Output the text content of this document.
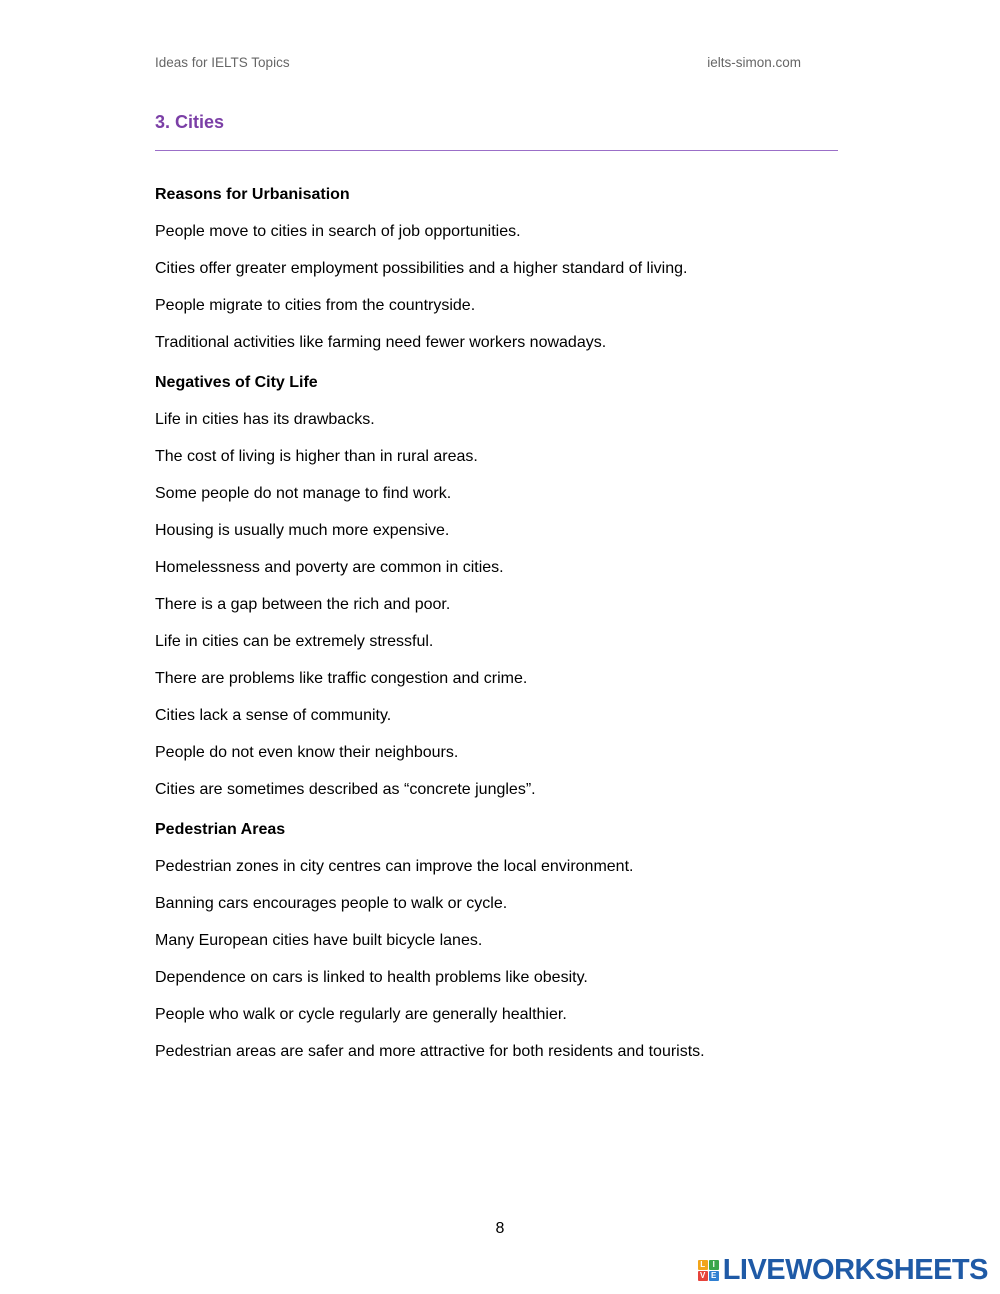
Ideas for IELTS Topics	ielts-simon.com
3. Cities
Reasons for Urbanisation
People move to cities in search of job opportunities.
Cities offer greater employment possibilities and a higher standard of living.
People migrate to cities from the countryside.
Traditional activities like farming need fewer workers nowadays.
Negatives of City Life
Life in cities has its drawbacks.
The cost of living is higher than in rural areas.
Some people do not manage to find work.
Housing is usually much more expensive.
Homelessness and poverty are common in cities.
There is a gap between the rich and poor.
Life in cities can be extremely stressful.
There are problems like traffic congestion and crime.
Cities lack a sense of community.
People do not even know their neighbours.
Cities are sometimes described as “concrete jungles”.
Pedestrian Areas
Pedestrian zones in city centres can improve the local environment.
Banning cars encourages people to walk or cycle.
Many European cities have built bicycle lanes.
Dependence on cars is linked to health problems like obesity.
People who walk or cycle regularly are generally healthier.
Pedestrian areas are safer and more attractive for both residents and tourists.
8
L I
V E LIVEWORKSHEETS
